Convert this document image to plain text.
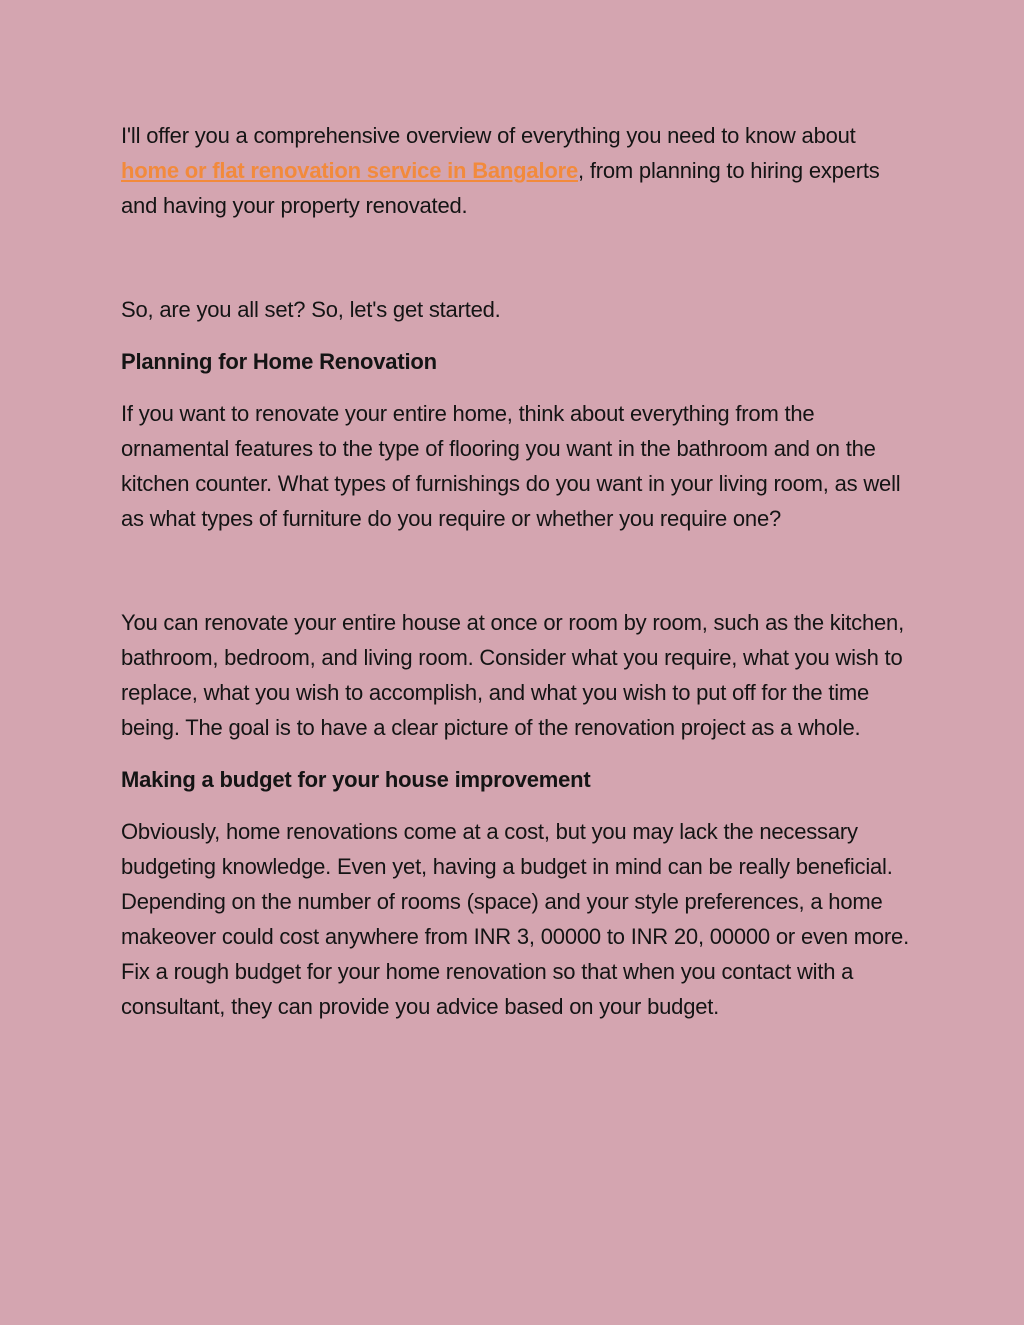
I'll offer you a comprehensive overview of everything you need to know about home or flat renovation service in Bangalore, from planning to hiring experts and having your property renovated.

So, are you all set? So, let's get started.

Planning for Home Renovation

If you want to renovate your entire home, think about everything from the ornamental features to the type of flooring you want in the bathroom and on the kitchen counter. What types of furnishings do you want in your living room, as well as what types of furniture do you require or whether you require one?

You can renovate your entire house at once or room by room, such as the kitchen, bathroom, bedroom, and living room. Consider what you require, what you wish to replace, what you wish to accomplish, and what you wish to put off for the time being. The goal is to have a clear picture of the renovation project as a whole.

Making a budget for your house improvement

Obviously, home renovations come at a cost, but you may lack the necessary budgeting knowledge. Even yet, having a budget in mind can be really beneficial. Depending on the number of rooms (space) and your style preferences, a home makeover could cost anywhere from INR 3, 00000 to INR 20, 00000 or even more. Fix a rough budget for your home renovation so that when you contact with a consultant, they can provide you advice based on your budget.
